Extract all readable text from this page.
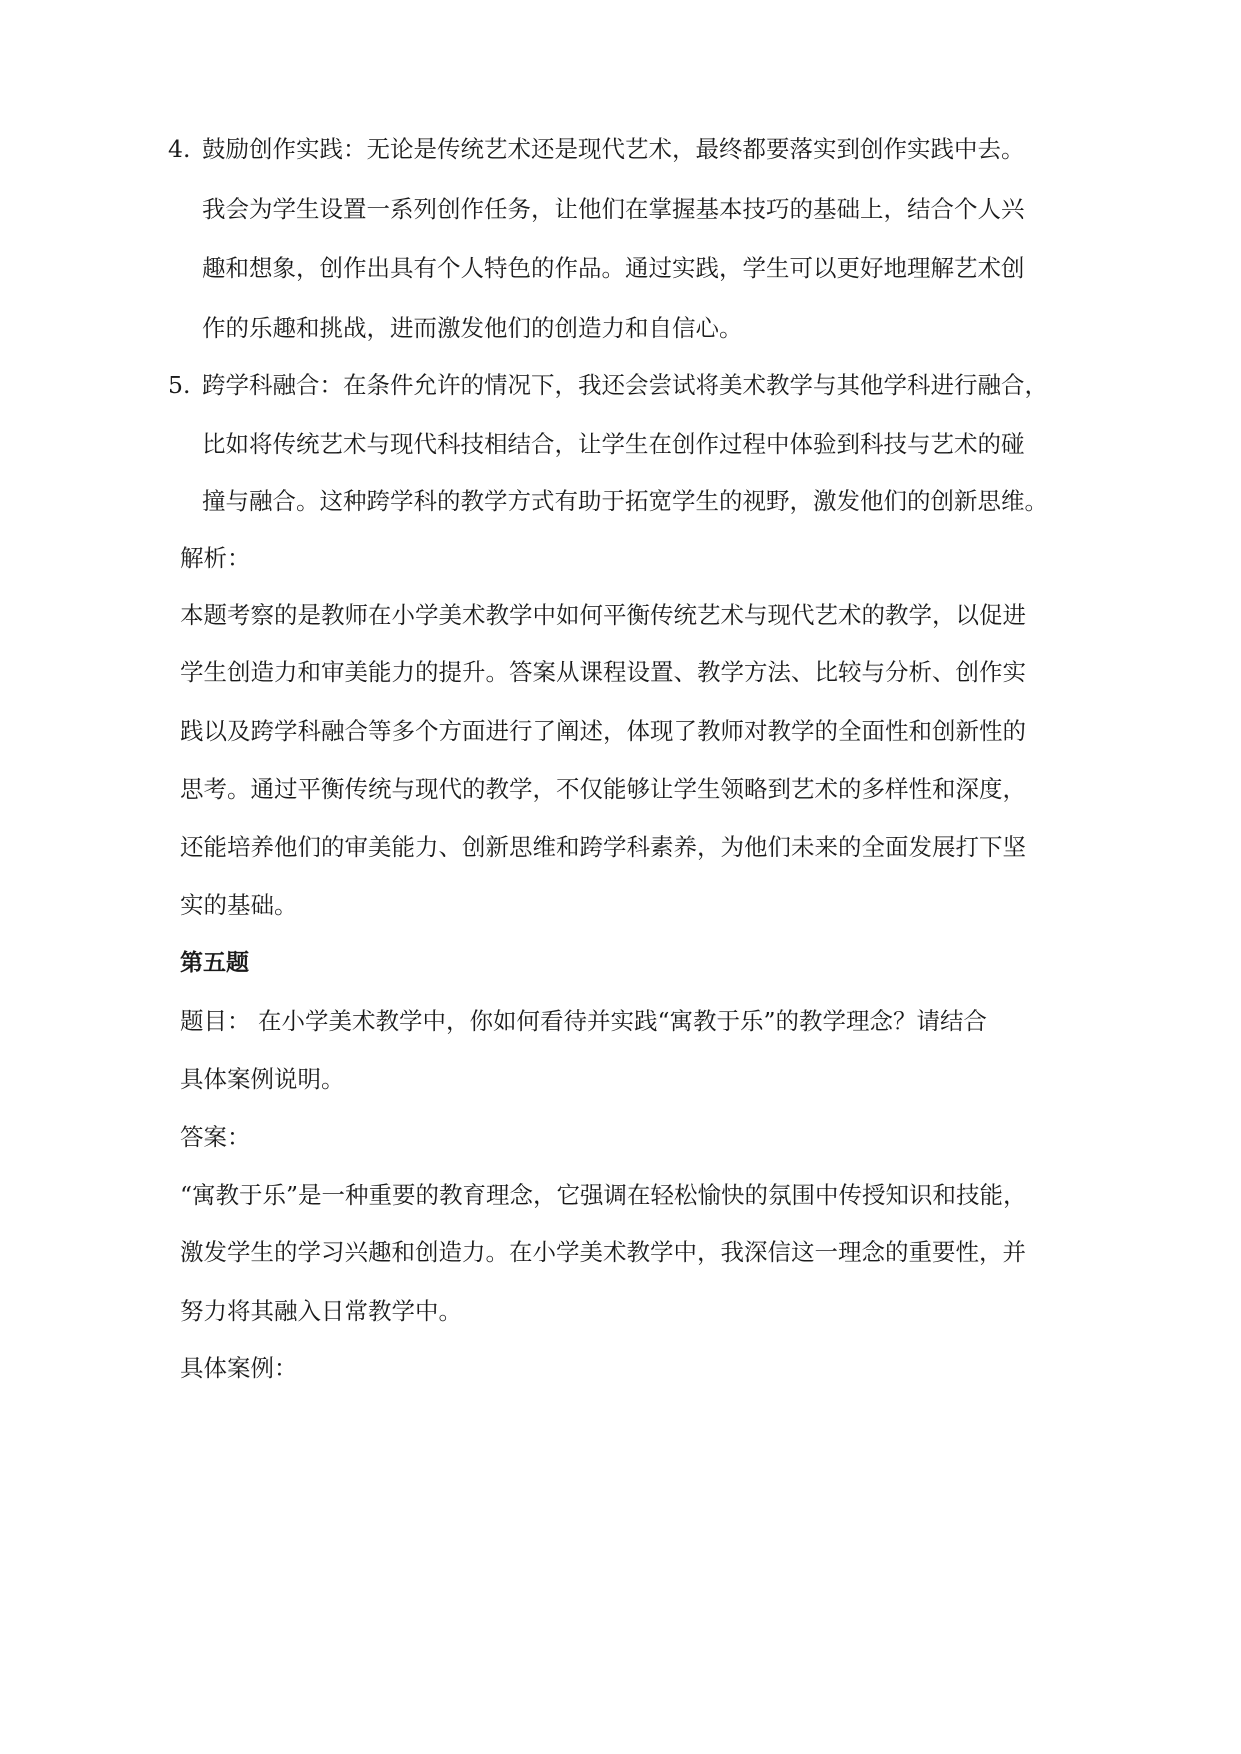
4. 鼓励创作实践：无论是传统艺术还是现代艺术，最终都要落实到创作实践中去。
我会为学生设置一系列创作任务，让他们在掌握基本技巧的基础上，结合个人兴
趣和想象，创作出具有个人特色的作品。通过实践，学生可以更好地理解艺术创
作的乐趣和挑战，进而激发他们的创造力和自信心。
5. 跨学科融合：在条件允许的情况下，我还会尝试将美术教学与其他学科进行融合，
比如将传统艺术与现代科技相结合，让学生在创作过程中体验到科技与艺术的碰
撞与融合。这种跨学科的教学方式有助于拓宽学生的视野，激发他们的创新思维。
解析：
本题考察的是教师在小学美术教学中如何平衡传统艺术与现代艺术的教学，以促进
学生创造力和审美能力的提升。答案从课程设置、教学方法、比较与分析、创作实
践以及跨学科融合等多个方面进行了阐述，体现了教师对教学的全面性和创新性的
思考。通过平衡传统与现代的教学，不仅能够让学生领略到艺术的多样性和深度，
还能培养他们的审美能力、创新思维和跨学科素养，为他们未来的全面发展打下坚
实的基础。
第五题
题目： 在小学美术教学中，你如何看待并实践“寓教于乐”的教学理念？请结合
具体案例说明。
答案：
“寓教于乐”是一种重要的教育理念，它强调在轻松愉快的氛围中传授知识和技能，
激发学生的学习兴趣和创造力。在小学美术教学中，我深信这一理念的重要性，并
努力将其融入日常教学中。
具体案例：
